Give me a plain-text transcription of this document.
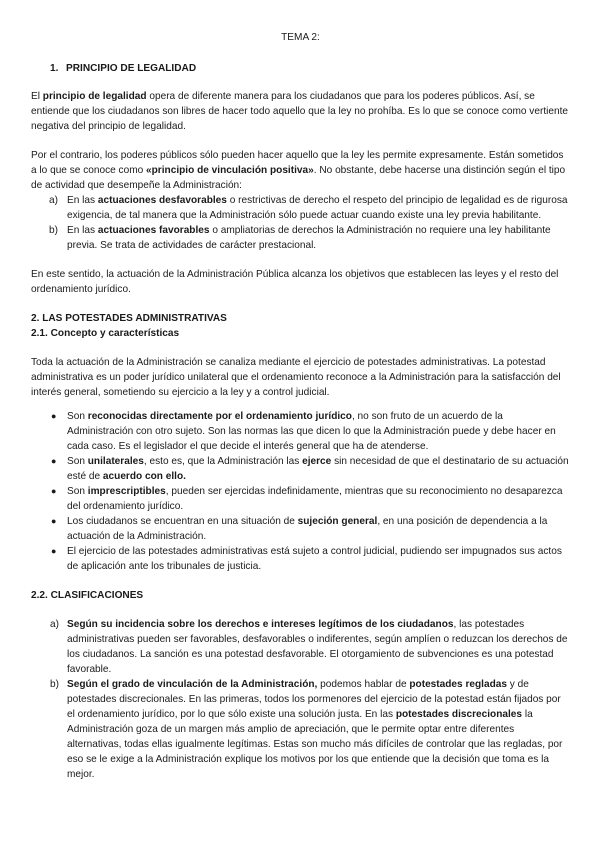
TEMA 2:
1. PRINCIPIO DE LEGALIDAD

El principio de legalidad opera de diferente manera para los ciudadanos que para los poderes públicos. Así, se entiende que los ciudadanos son libres de hacer todo aquello que la ley no prohíba. Es lo que se conoce como vertiente negativa del principio de legalidad.

Por el contrario, los poderes públicos sólo pueden hacer aquello que la ley les permite expresamente. Están sometidos a lo que se conoce como «principio de vinculación positiva». No obstante, debe hacerse una distinción según el tipo de actividad que desempeñe la Administración:

a) En las actuaciones desfavorables o restrictivas de derecho el respeto del principio de legalidad es de rigurosa exigencia, de tal manera que la Administración sólo puede actuar cuando existe una ley previa habilitante.
b) En las actuaciones favorables o ampliatorias de derechos la Administración no requiere una ley habilitante previa. Se trata de actividades de carácter prestacional.

En este sentido, la actuación de la Administración Pública alcanza los objetivos que establecen las leyes y el resto del ordenamiento jurídico.

2. LAS POTESTADES ADMINISTRATIVAS
2.1. Concepto y características

Toda la actuación de la Administración se canaliza mediante el ejercicio de potestades administrativas. La potestad administrativa es un poder jurídico unilateral que el ordenamiento reconoce a la Administración para la satisfacción del interés general, sometiendo su ejercicio a la ley y a control judicial.

● Son reconocidas directamente por el ordenamiento jurídico, no son fruto de un acuerdo de la Administración con otro sujeto. Son las normas las que dicen lo que la Administración puede y debe hacer en cada caso. Es el legislador el que decide el interés general que ha de atenderse.
● Son unilaterales, esto es, que la Administración las ejerce sin necesidad de que el destinatario de su actuación esté de acuerdo con ello.
● Son imprescriptibles, pueden ser ejercidas indefinidamente, mientras que su reconocimiento no desaparezca del ordenamiento jurídico.
● Los ciudadanos se encuentran en una situación de sujeción general, en una posición de dependencia a la actuación de la Administración.
● El ejercicio de las potestades administrativas está sujeto a control judicial, pudiendo ser impugnados sus actos de aplicación ante los tribunales de justicia.
2.2. CLASIFICACIONES
a) Según su incidencia sobre los derechos e intereses legítimos de los ciudadanos, las potestades administrativas pueden ser favorables, desfavorables o indiferentes, según amplíen o reduzcan los derechos de los ciudadanos. La sanción es una potestad desfavorable. El otorgamiento de subvenciones es una potestad favorable.
b) Según el grado de vinculación de la Administración, podemos hablar de potestades regladas y de potestades discrecionales. En las primeras, todos los pormenores del ejercicio de la potestad están fijados por el ordenamiento jurídico, por lo que sólo existe una solución justa. En las potestades discrecionales la Administración goza de un margen más amplio de apreciación, que le permite optar entre diferentes alternativas, todas ellas igualmente legítimas. Estas son mucho más difíciles de controlar que las regladas, por eso se le exige a la Administración explique los motivos por los que entiende que la decisión que toma es la mejor.
